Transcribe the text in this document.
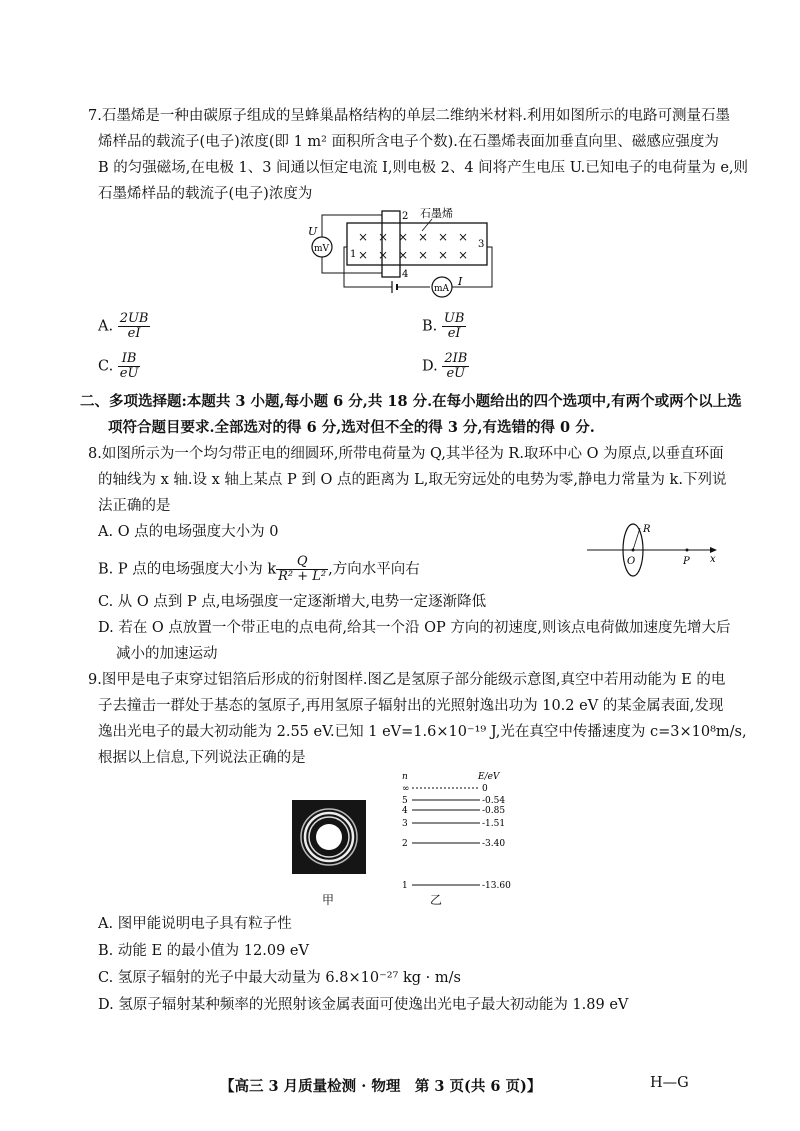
7.石墨烯是一种由碳原子组成的呈蜂巢晶格结构的单层二维纳米材料.利用如图所示的电路可测量石墨
烯样品的载流子(电子)浓度(即 1 m² 面积所含电子个数).在石墨烯表面加垂直向里、磁感应强度为
B 的匀强磁场,在电极 1、3 间通以恒定电流 I,则电极 2、4 间将产生电压 U.已知电子的电荷量为 e,则
石墨烯样品的载流子(电子)浓度为
× × × × × ×
× × × × × ×
石墨烯
2
4
1
3
mV
U
mA
I
A. $\frac{2UB}{eI}$	B. $\frac{UB}{eI}$
C. $\frac{IB}{eU}$	D. $\frac{2IB}{eU}$
二、多项选择题:本题共 3 小题,每小题 6 分,共 18 分.在每小题给出的四个选项中,有两个或两个以上选
项符合题目要求.全部选对的得 6 分,选对但不全的得 3 分,有选错的得 0 分.
8.如图所示为一个均匀带正电的细圆环,所带电荷量为 Q,其半径为 R.取环中心 O 为原点,以垂直环面
的轴线为 x 轴.设 x 轴上某点 P 到 O 点的距离为 L,取无穷远处的电势为零,静电力常量为 k.下列说
法正确的是
A. O 点的电场强度大小为 0
B. P 点的电场强度大小为 k $\frac{Q}{\text{R² + L²}}$ ,方向水平向右
C. 从 O 点到 P 点,电场强度一定逐渐增大,电势一定逐渐降低
D. 若在 O 点放置一个带正电的点电荷,给其一个沿 OP 方向的初速度,则该点电荷做加速度先增大后
减小的加速运动
R
O	P x
9.图甲是电子束穿过铝箔后形成的衍射图样.图乙是氢原子部分能级示意图,真空中若用动能为 E 的电
子去撞击一群处于基态的氢原子,再用氢原子辐射出的光照射逸出功为 10.2 eV 的某金属表面,发现
逸出光电子的最大初动能为 2.55 eV.已知 1 eV=1.6×10⁻¹⁹ J,光在真空中传播速度为 c=3×10⁸m/s,
根据以上信息,下列说法正确的是
甲
n	E/eV
∞	0
5	-0.54
4	-0.85
3	-1.51
2	-3.40
1	-13.60
乙
A. 图甲能说明电子具有粒子性
B. 动能 E 的最小值为 12.09 eV
C. 氢原子辐射的光子中最大动量为 6.8×10⁻²⁷ kg · m/s
D. 氢原子辐射某种频率的光照射该金属表面可使逸出光电子最大初动能为 1.89 eV
【高三 3 月质量检测 · 物理　第 3 页(共 6 页)】	H—G
